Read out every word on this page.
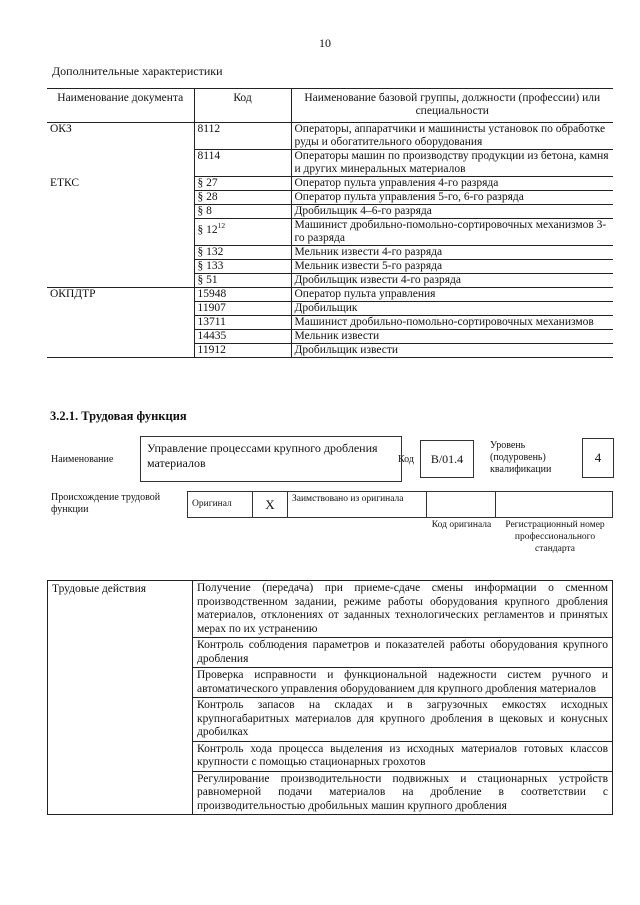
10
Дополнительные характеристики
Наименование документа	Код	Наименование базовой группы, должности (профессии) или специальности
ОКЗ	8112	Операторы, аппаратчики и машинисты установок по обработке руды и обогатительного оборудования
	8114	Операторы машин по производству продукции из бетона, камня и других минеральных материалов
ЕТКС	§ 27	Оператор пульта управления 4-го разряда
	§ 28	Оператор пульта управления 5-го, 6-го разряда
	§ 8	Дробильщик 4–6-го разряда
	§ $12^{12}$	Машинист дробильно-помольно-сортировочных механизмов 3-го разряда
	§ 132	Мельник извести 4-го разряда
	§ 133	Мельник извести 5-го разряда
	§ 51	Дробильщик извести 4-го разряда
ОКПДТР	15948	Оператор пульта управления
	11907	Дробильщик
	13711	Машинист дробильно-помольно-сортировочных механизмов
	14435	Мельник извести
	11912	Дробильщик извести
3.2.1. Трудовая функция
Наименование
Управление процессами крупного дробления материалов	Код	В/01.4
Уровень (подуровень) квалификации
4
Происхождение трудовой функции	Оригинал	X	Заимствовано из оригинала
Код оригинала	Регистрационный номер профессионального стандарта
Трудовые действия	Получение (передача) при приеме-сдаче смены информации о сменном производственном задании, режиме работы оборудования крупного дробления материалов, отклонениях от заданных технологических регламентов и принятых мерах по их устранению
Контроль соблюдения параметров и показателей работы оборудования крупного дробления
Проверка исправности и функциональной надежности систем ручного и автоматического управления оборудованием для крупного дробления материалов
Контроль запасов на складах и в загрузочных емкостях исходных крупногабаритных материалов для крупного дробления в щековых и конусных дробилках
Контроль хода процесса выделения из исходных материалов готовых классов крупности с помощью стационарных грохотов
Регулирование производительности подвижных и стационарных устройств равномерной подачи материалов на дробление в соответствии с производительностью дробильных машин крупного дробления
